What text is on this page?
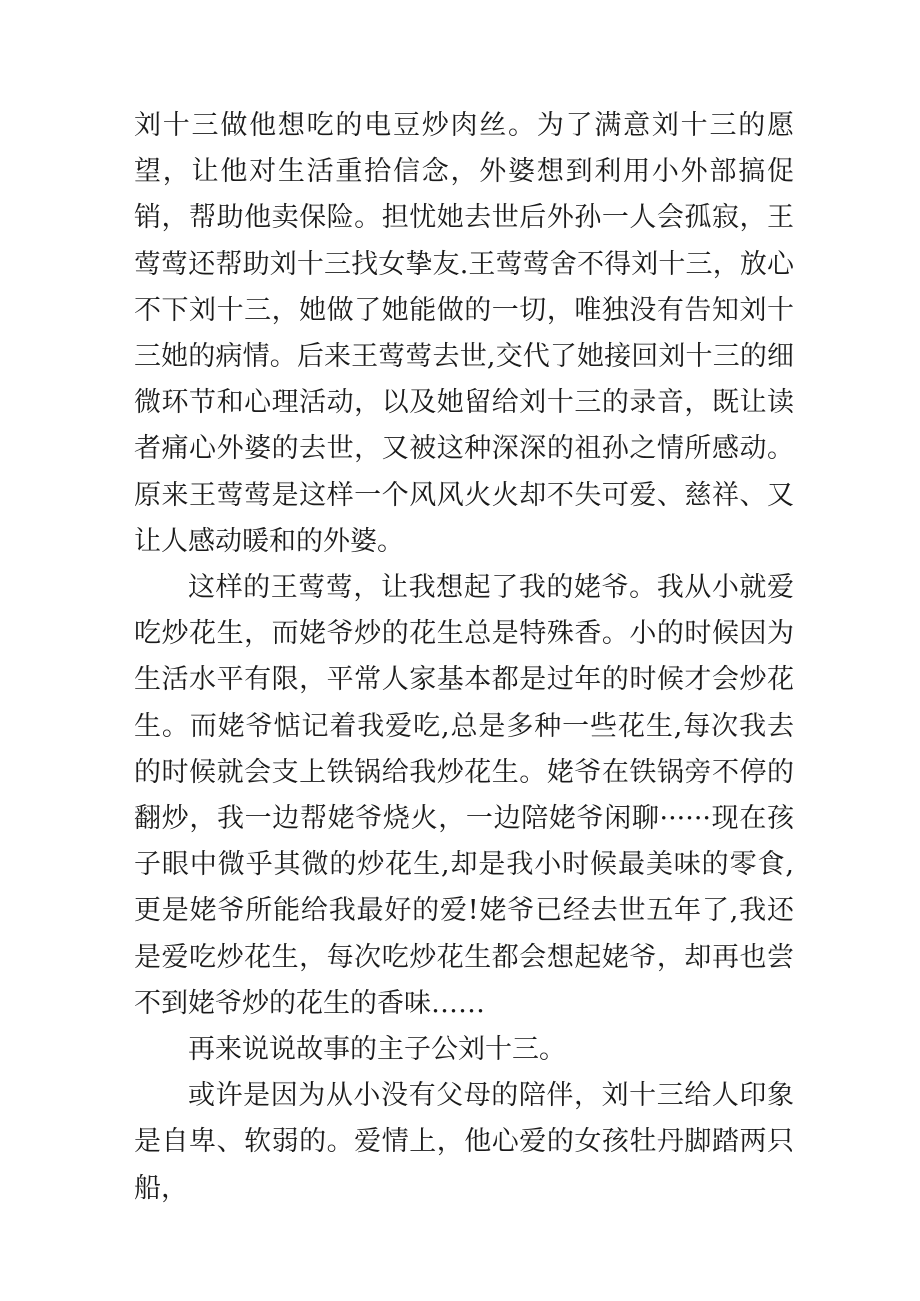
刘十三做他想吃的电豆炒肉丝。为了满意刘十三的愿望，让他对生活重拾信念，外婆想到利用小外部搞促销，帮助他卖保险。担忧她去世后外孙一人会孤寂，王莺莺还帮助刘十三找女挚友.王莺莺舍不得刘十三，放心不下刘十三，她做了她能做的一切，唯独没有告知刘十三她的病情。后来王莺莺去世,交代了她接回刘十三的细微环节和心理活动，以及她留给刘十三的录音，既让读者痛心外婆的去世，又被这种深深的祖孙之情所感动。原来王莺莺是这样一个风风火火却不失可爱、慈祥、又让人感动暖和的外婆。

这样的王莺莺，让我想起了我的姥爷。我从小就爱吃炒花生，而姥爷炒的花生总是特殊香。小的时候因为生活水平有限，平常人家基本都是过年的时候才会炒花生。而姥爷惦记着我爱吃,总是多种一些花生,每次我去的时候就会支上铁锅给我炒花生。姥爷在铁锅旁不停的翻炒，我一边帮姥爷烧火，一边陪姥爷闲聊······现在孩子眼中微乎其微的炒花生,却是我小时候最美味的零食,更是姥爷所能给我最好的爱!姥爷已经去世五年了,我还是爱吃炒花生，每次吃炒花生都会想起姥爷，却再也尝不到姥爷炒的花生的香味……

再来说说故事的主子公刘十三。

或许是因为从小没有父母的陪伴，刘十三给人印象是自卑、软弱的。爱情上，他心爱的女孩牡丹脚踏两只船，
